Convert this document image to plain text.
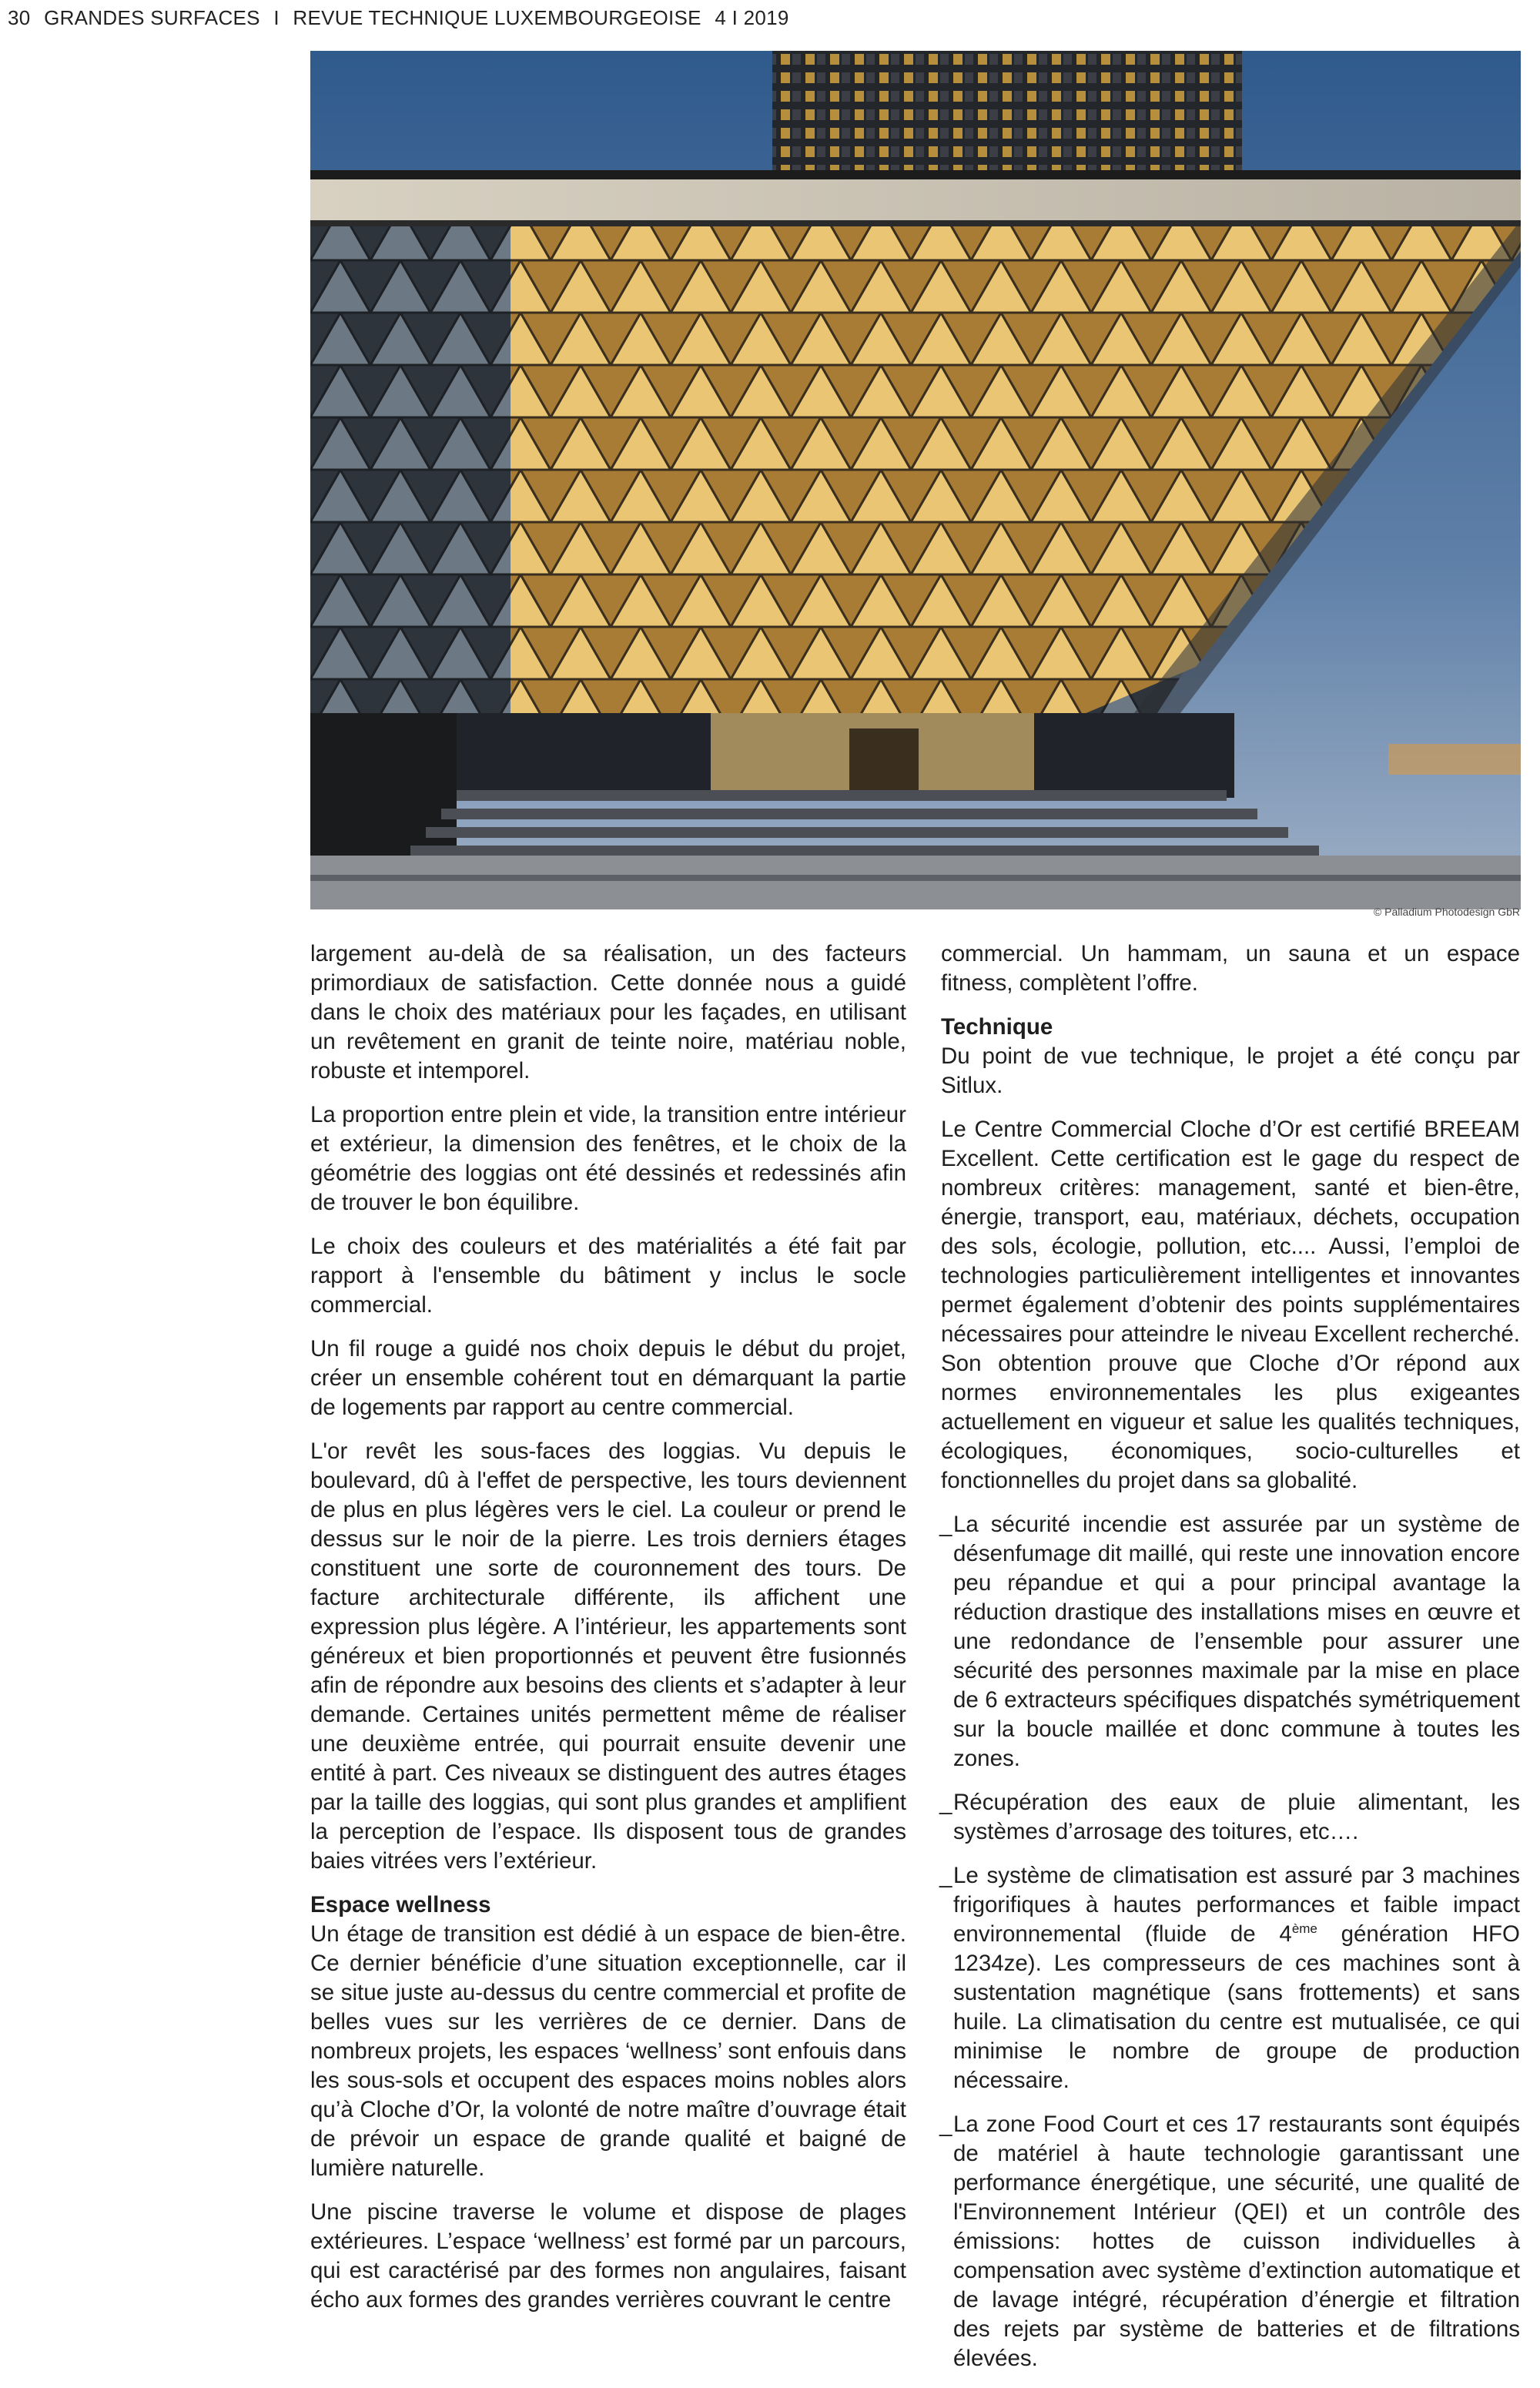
30 GRANDES SURFACES I REVUE TECHNIQUE LUXEMBOURGEOISE 4 I 2019
© Palladium Photodesign GbR

largement au-delà de sa réalisation, un des facteurs primordiaux de satisfaction. Cette donnée nous a guidé dans le choix des matériaux pour les façades, en utilisant un revêtement en granit de teinte noire, matériau noble, robuste et intemporel.

La proportion entre plein et vide, la transition entre intérieur et extérieur, la dimension des fenêtres, et le choix de la géométrie des loggias ont été dessinés et redessinés afin de trouver le bon équilibre.

Le choix des couleurs et des matérialités a été fait par rapport à l'ensemble du bâtiment y inclus le socle commercial.

Un fil rouge a guidé nos choix depuis le début du projet, créer un ensemble cohérent tout en démarquant la partie de logements par rapport au centre commercial.

L'or revêt les sous-faces des loggias. Vu depuis le boulevard, dû à l'effet de perspective, les tours deviennent de plus en plus légères vers le ciel. La couleur or prend le dessus sur le noir de la pierre. Les trois derniers étages constituent une sorte de couronnement des tours. De facture architecturale différente, ils affichent une expression plus légère. A l’intérieur, les appartements sont généreux et bien proportionnés et peuvent être fusionnés afin de répondre aux besoins des clients et s’adapter à leur demande. Certaines unités permettent même de réaliser une deuxième entrée, qui pourrait ensuite devenir une entité à part. Ces niveaux se distinguent des autres étages par la taille des loggias, qui sont plus grandes et amplifient la perception de l’espace. Ils disposent tous de grandes baies vitrées vers l’extérieur.

Espace wellness

Un étage de transition est dédié à un espace de bien-être. Ce dernier bénéficie d’une situation exceptionnelle, car il se situe juste au-dessus du centre commercial et profite de belles vues sur les verrières de ce dernier. Dans de nombreux projets, les espaces ‘wellness’ sont enfouis dans les sous-sols et occupent des espaces moins nobles alors qu’à Cloche d’Or, la volonté de notre maître d’ouvrage était de prévoir un espace de grande qualité et baigné de lumière naturelle.

Une piscine traverse le volume et dispose de plages extérieures. L’espace ‘wellness’ est formé par un parcours, qui est caractérisé par des formes non angulaires, faisant écho aux formes des grandes verrières couvrant le centre

commercial. Un hammam, un sauna et un espace fitness, complètent l’offre.

Technique

Du point de vue technique, le projet a été conçu par Sitlux.

Le Centre Commercial Cloche d’Or est certifié BREEAM Excellent. Cette certification est le gage du respect de nombreux critères: management, santé et bien-être, énergie, transport, eau, matériaux, déchets, occupation des sols, écologie, pollution, etc.... Aussi, l’emploi de technologies particulièrement intelligentes et innovantes permet également d’obtenir des points supplémentaires nécessaires pour atteindre le niveau Excellent recherché. Son obtention prouve que Cloche d’Or répond aux normes environnementales les plus exigeantes actuellement en vigueur et salue les qualités techniques, écologiques, économiques, socio-culturelles et fonctionnelles du projet dans sa globalité.

_ La sécurité incendie est assurée par un système de désenfumage dit maillé, qui reste une innovation encore peu répandue et qui a pour principal avantage la réduction drastique des installations mises en œuvre et une redondance de l’ensemble pour assurer une sécurité des personnes maximale par la mise en place de 6 extracteurs spécifiques dispatchés symétriquement sur la boucle maillée et donc commune à toutes les zones.

_ Récupération des eaux de pluie alimentant, les systèmes d’arrosage des toitures, etc….

_ Le système de climatisation est assuré par 3 machines frigorifiques à hautes performances et faible impact environnemental (fluide de 4ème génération HFO 1234ze). Les compresseurs de ces machines sont à sustentation magnétique (sans frottements) et sans huile. La climatisation du centre est mutualisée, ce qui minimise le nombre de groupe de production nécessaire.

_ La zone Food Court et ces 17 restaurants sont équipés de matériel à haute technologie garantissant une performance énergétique, une sécurité, une qualité de l'Environnement Intérieur (QEI) et un contrôle des émissions: hottes de cuisson individuelles à compensation avec système d’extinction automatique et de lavage intégré, récupération d’énergie et filtration des rejets par système de batteries et de filtrations élevées.
